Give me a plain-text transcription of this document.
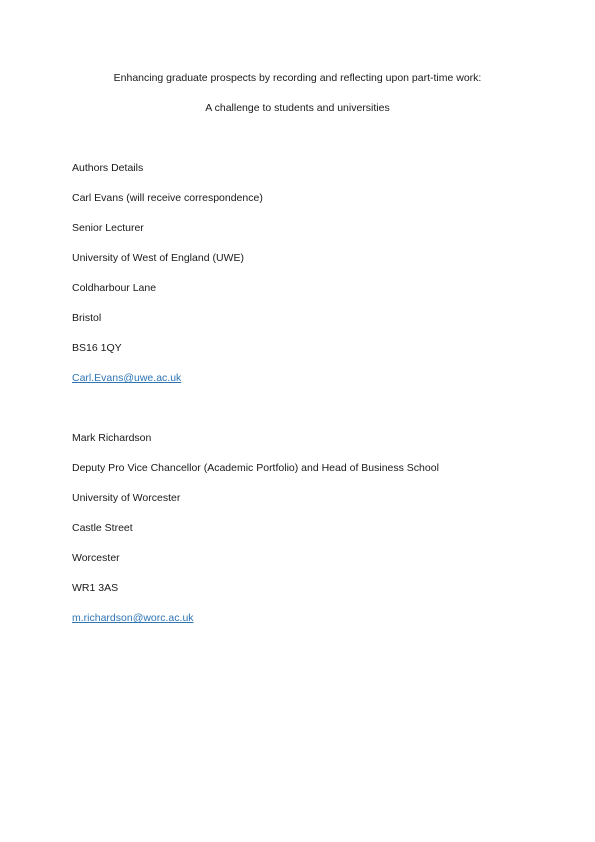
Enhancing graduate prospects by recording and reflecting upon part-time work:
A challenge to students and universities
Authors Details
Carl Evans (will receive correspondence)
Senior Lecturer
University of West of England (UWE)
Coldharbour Lane
Bristol
BS16 1QY
Carl.Evans@uwe.ac.uk
Mark Richardson
Deputy Pro Vice Chancellor (Academic Portfolio) and Head of Business School
University of Worcester
Castle Street
Worcester
WR1 3AS
m.richardson@worc.ac.uk
